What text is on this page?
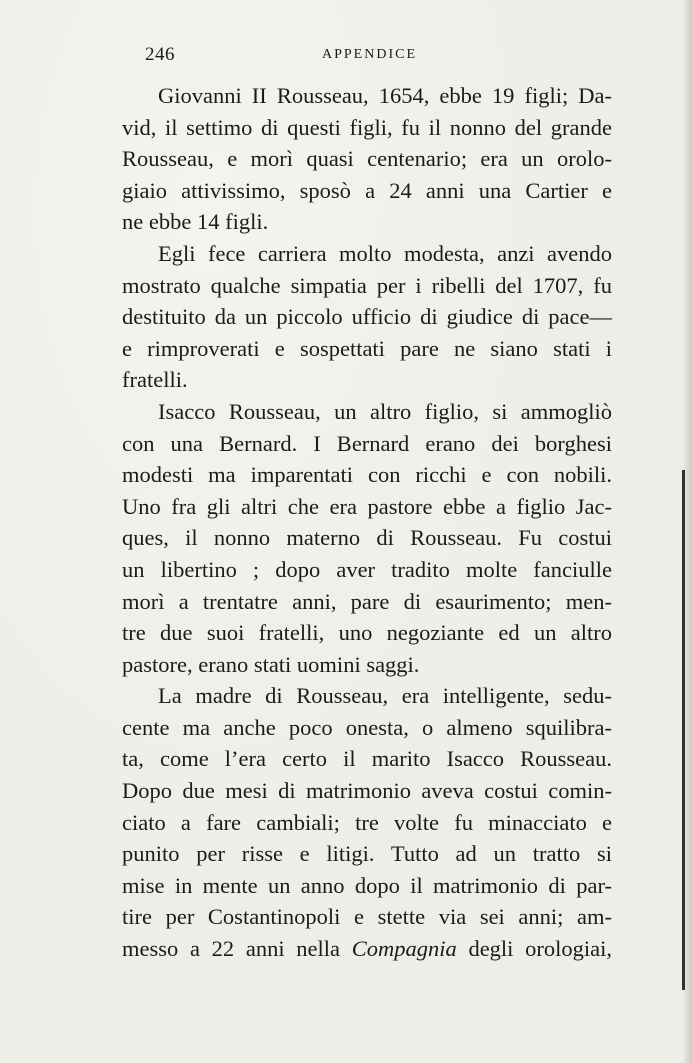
246	APPENDICE
Giovanni II Rousseau, 1654, ebbe 19 figli; Da-
vid, il settimo di questi figli, fu il nonno del grande
Rousseau, e morì quasi centenario; era un orolo-
giaio attivissimo, sposò a 24 anni una Cartier e
ne ebbe 14 figli.
Egli fece carriera molto modesta, anzi avendo
mostrato qualche simpatia per i ribelli del 1707, fu
destituito da un piccolo ufficio di giudice di pace—
e rimproverati e sospettati pare ne siano stati i
fratelli.
Isacco Rousseau, un altro figlio, si ammogliò
con una Bernard. I Bernard erano dei borghesi
modesti ma imparentati con ricchi e con nobili.
Uno fra gli altri che era pastore ebbe a figlio Jac-
ques, il nonno materno di Rousseau. Fu costui
un libertino ; dopo aver tradito molte fanciulle
morì a trentatre anni, pare di esaurimento; men-
tre due suoi fratelli, uno negoziante ed un altro
pastore, erano stati uomini saggi.
La madre di Rousseau, era intelligente, sedu-
cente ma anche poco onesta, o almeno squilibra-
ta, come l’era certo il marito Isacco Rousseau.
Dopo due mesi di matrimonio aveva costui comin-
ciato a fare cambiali; tre volte fu minacciato e
punito per risse e litigi. Tutto ad un tratto si
mise in mente un anno dopo il matrimonio di par-
tire per Costantinopoli e stette via sei anni; am-
messo a 22 anni nella Compagnia degli orologiai,
